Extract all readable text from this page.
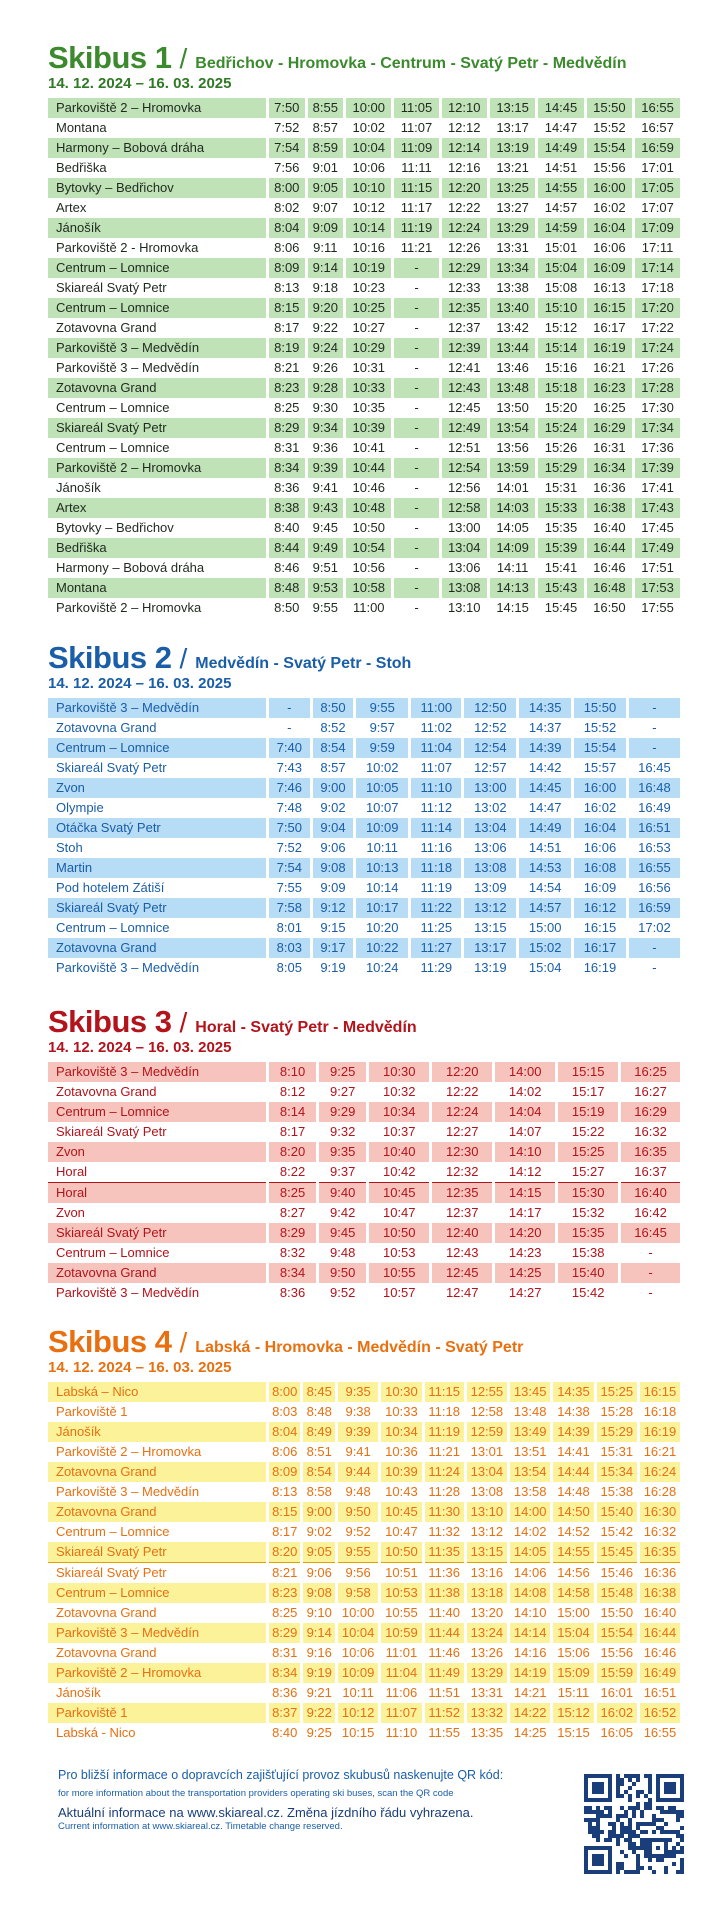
Skibus 1 / Bedřichov - Hromovka - Centrum - Svatý Petr - Medvědín
14. 12. 2024 – 16. 03. 2025
Parkoviště 2 – Hromovka	7:50	8:55	10:00	11:05	12:10	13:15	14:45	15:50	16:55
Montana	7:52	8:57	10:02	11:07	12:12	13:17	14:47	15:52	16:57
Harmony – Bobová dráha	7:54	8:59	10:04	11:09	12:14	13:19	14:49	15:54	16:59
Bedřiška	7:56	9:01	10:06	11:11	12:16	13:21	14:51	15:56	17:01
Bytovky – Bedřichov	8:00	9:05	10:10	11:15	12:20	13:25	14:55	16:00	17:05
Artex	8:02	9:07	10:12	11:17	12:22	13:27	14:57	16:02	17:07
Jánošík	8:04	9:09	10:14	11:19	12:24	13:29	14:59	16:04	17:09
Parkoviště 2 - Hromovka	8:06	9:11	10:16	11:21	12:26	13:31	15:01	16:06	17:11
Centrum – Lomnice	8:09	9:14	10:19	-	12:29	13:34	15:04	16:09	17:14
Skiareál Svatý Petr	8:13	9:18	10:23	-	12:33	13:38	15:08	16:13	17:18
Centrum – Lomnice	8:15	9:20	10:25	-	12:35	13:40	15:10	16:15	17:20
Zotavovna Grand	8:17	9:22	10:27	-	12:37	13:42	15:12	16:17	17:22
Parkoviště 3 – Medvědín	8:19	9:24	10:29	-	12:39	13:44	15:14	16:19	17:24
Parkoviště 3 – Medvědín	8:21	9:26	10:31	-	12:41	13:46	15:16	16:21	17:26
Zotavovna Grand	8:23	9:28	10:33	-	12:43	13:48	15:18	16:23	17:28
Centrum – Lomnice	8:25	9:30	10:35	-	12:45	13:50	15:20	16:25	17:30
Skiareál Svatý Petr	8:29	9:34	10:39	-	12:49	13:54	15:24	16:29	17:34
Centrum – Lomnice	8:31	9:36	10:41	-	12:51	13:56	15:26	16:31	17:36
Parkoviště 2 – Hromovka	8:34	9:39	10:44	-	12:54	13:59	15:29	16:34	17:39
Jánošík	8:36	9:41	10:46	-	12:56	14:01	15:31	16:36	17:41
Artex	8:38	9:43	10:48	-	12:58	14:03	15:33	16:38	17:43
Bytovky – Bedřichov	8:40	9:45	10:50	-	13:00	14:05	15:35	16:40	17:45
Bedřiška	8:44	9:49	10:54	-	13:04	14:09	15:39	16:44	17:49
Harmony – Bobová dráha	8:46	9:51	10:56	-	13:06	14:11	15:41	16:46	17:51
Montana	8:48	9:53	10:58	-	13:08	14:13	15:43	16:48	17:53
Parkoviště 2 – Hromovka	8:50	9:55	11:00	-	13:10	14:15	15:45	16:50	17:55
Skibus 2 / Medvědín - Svatý Petr - Stoh
14. 12. 2024 – 16. 03. 2025
Parkoviště 3 – Medvědín	-	8:50	9:55	11:00	12:50	14:35	15:50	-
Zotavovna Grand	-	8:52	9:57	11:02	12:52	14:37	15:52	-
Centrum – Lomnice	7:40	8:54	9:59	11:04	12:54	14:39	15:54	-
Skiareál Svatý Petr	7:43	8:57	10:02	11:07	12:57	14:42	15:57	16:45
Zvon	7:46	9:00	10:05	11:10	13:00	14:45	16:00	16:48
Olympie	7:48	9:02	10:07	11:12	13:02	14:47	16:02	16:49
Otáčka Svatý Petr	7:50	9:04	10:09	11:14	13:04	14:49	16:04	16:51
Stoh	7:52	9:06	10:11	11:16	13:06	14:51	16:06	16:53
Martin	7:54	9:08	10:13	11:18	13:08	14:53	16:08	16:55
Pod hotelem Zátiší	7:55	9:09	10:14	11:19	13:09	14:54	16:09	16:56
Skiareál Svatý Petr	7:58	9:12	10:17	11:22	13:12	14:57	16:12	16:59
Centrum – Lomnice	8:01	9:15	10:20	11:25	13:15	15:00	16:15	17:02
Zotavovna Grand	8:03	9:17	10:22	11:27	13:17	15:02	16:17	-
Parkoviště 3 – Medvědín	8:05	9:19	10:24	11:29	13:19	15:04	16:19	-
Skibus 3 / Horal - Svatý Petr - Medvědín
14. 12. 2024 – 16. 03. 2025
Parkoviště 3 – Medvědín	8:10	9:25	10:30	12:20	14:00	15:15	16:25
Zotavovna Grand	8:12	9:27	10:32	12:22	14:02	15:17	16:27
Centrum – Lomnice	8:14	9:29	10:34	12:24	14:04	15:19	16:29
Skiareál Svatý Petr	8:17	9:32	10:37	12:27	14:07	15:22	16:32
Zvon	8:20	9:35	10:40	12:30	14:10	15:25	16:35
Horal	8:22	9:37	10:42	12:32	14:12	15:27	16:37
Horal	8:25	9:40	10:45	12:35	14:15	15:30	16:40
Zvon	8:27	9:42	10:47	12:37	14:17	15:32	16:42
Skiareál Svatý Petr	8:29	9:45	10:50	12:40	14:20	15:35	16:45
Centrum – Lomnice	8:32	9:48	10:53	12:43	14:23	15:38	-
Zotavovna Grand	8:34	9:50	10:55	12:45	14:25	15:40	-
Parkoviště 3 – Medvědín	8:36	9:52	10:57	12:47	14:27	15:42	-
Skibus 4 / Labská - Hromovka - Medvědín - Svatý Petr
14. 12. 2024 – 16. 03. 2025
Labská – Nico	8:00	8:45	9:35	10:30	11:15	12:55	13:45	14:35	15:25	16:15
Parkoviště 1	8:03	8:48	9:38	10:33	11:18	12:58	13:48	14:38	15:28	16:18
Jánošík	8:04	8:49	9:39	10:34	11:19	12:59	13:49	14:39	15:29	16:19
Parkoviště 2 – Hromovka	8:06	8:51	9:41	10:36	11:21	13:01	13:51	14:41	15:31	16:21
Zotavovna Grand	8:09	8:54	9:44	10:39	11:24	13:04	13:54	14:44	15:34	16:24
Parkoviště 3 – Medvědín	8:13	8:58	9:48	10:43	11:28	13:08	13:58	14:48	15:38	16:28
Zotavovna Grand	8:15	9:00	9:50	10:45	11:30	13:10	14:00	14:50	15:40	16:30
Centrum – Lomnice	8:17	9:02	9:52	10:47	11:32	13:12	14:02	14:52	15:42	16:32
Skiareál Svatý Petr	8:20	9:05	9:55	10:50	11:35	13:15	14:05	14:55	15:45	16:35
Skiareál Svatý Petr	8:21	9:06	9:56	10:51	11:36	13:16	14:06	14:56	15:46	16:36
Centrum – Lomnice	8:23	9:08	9:58	10:53	11:38	13:18	14:08	14:58	15:48	16:38
Zotavovna Grand	8:25	9:10	10:00	10:55	11:40	13:20	14:10	15:00	15:50	16:40
Parkoviště 3 – Medvědín	8:29	9:14	10:04	10:59	11:44	13:24	14:14	15:04	15:54	16:44
Zotavovna Grand	8:31	9:16	10:06	11:01	11:46	13:26	14:16	15:06	15:56	16:46
Parkoviště 2 – Hromovka	8:34	9:19	10:09	11:04	11:49	13:29	14:19	15:09	15:59	16:49
Jánošík	8:36	9:21	10:11	11:06	11:51	13:31	14:21	15:11	16:01	16:51
Parkoviště 1	8:37	9:22	10:12	11:07	11:52	13:32	14:22	15:12	16:02	16:52
Labská - Nico	8:40	9:25	10:15	11:10	11:55	13:35	14:25	15:15	16:05	16:55
Pro bližší informace o dopravcích zajišťující provoz skubusů naskenujte QR kód:
for more information about the transportation providers operating ski buses, scan the QR code
Aktuální informace na www.skiareal.cz. Změna jízdního řádu vyhrazena.
Current information at www.skiareal.cz. Timetable change reserved.
